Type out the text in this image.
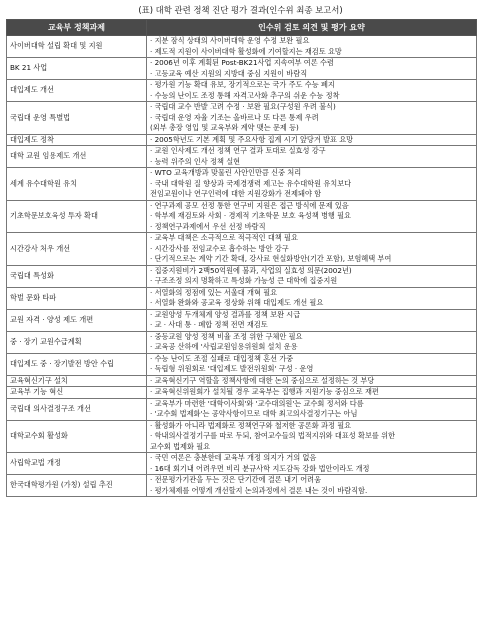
(표) 대학 관련 정책 진단 평가 결과(인수위 최종 보고서)
교육부 정책과제	인수위 검토 의견 및 평가 요약
사이버대학 설립 확대 및 지원	· 지분 잠식 상태의 사이버대학 운영 수정 보완 필요
· 제도적 지원이 사이버대학 활성화에 기여할지는 재검토 요망

BK 21 사업	· 2006년 이후 계획된 Post-BK21사업 지속여부 여론 수렴
· 고등교육 예산 지원의 지방대 중심 지원이 바람직

대입제도 개선	· 평가원 기능 확대 유보, 장기적으로는 국가 주도 수능 폐지
· 수능의 난이도 조정 통해 자격고사화 추구의 쉬운 수능 정착

국립대 운영 특별법	· 국립대 교수 반발 고려 수정 · 보완 필요(구성원 우려 불식)
· 국립대 운영 자율 기조는 올바르나 또 다른 통제 우려
(외부 총장 영입 및 교육부와 계약 맺는 문제 등)

대입제도 정착	· 2005학년도 기본 계획 및 주요사항 집계 시기 앞당겨 발표 요망

대학 교원 임용제도 개선	· 교원 인사제도 개선 정책 연구 결과 토대로 실효성 강구
· 능력 위주의 인사 정책 실현

세계 유수대학원 유치	· WTO 교육개방과 맞물린 사안인만큼 신중 처리
· 국내 대학원 질 향상과 국제경쟁력 제고는 유수대학원 유치보다
전임교원이나 연구인력에 대한 지원강화가 전제돼야 함

기초학문보호육성 투자 확대	· 연구과제 공모 선정 통한 연구비 지원은 접근 방식에 문제 있음
· 학부제 재검토와 사회 · 경제적 기초학문 보호 육성책 병행 필요
· 정책연구과제에서 우선 선정 바람직

시간강사 처우 개선	· 교육부 대책은 소극적으로 적극적인 대책 필요
· 시간강사를 전임교수로 흡수하는 방안 강구
· 단기적으로는 계약 기간 확대, 강사료 현실화방안(기간 포함), 보험혜택 부여

국립대 특성화	· 집중지원비가 2백50억원에 불과, 사업의 실효성 의문(2002년)
· 구조조정 의지 명확하고 특성화 가능성 큰 대학에 집중지원

학벌 문화 타파	· 서열화의 정점에 있는 서울대 개혁 필요
· 서열화 완화와 공교육 정상화 위해 대입제도 개선 필요

교원 자격 · 양성 제도 개편	· 교원양성 두개체계 양성 결과를 정책 보완 시급
· 교 · 사대 통 · 폐합 정책 전면 재검토

중 · 장기 교원수급계획	· 중등교원 양성 정책 비율 조정 위한 구체안 필요
· 교육공 산하에 '사립교원임용위원회 설치 운용

대입제도 중 · 장기발전 방안 수립	· 수능 난이도 조절 실패로 대입정책 혼선 가중
· 독립형 위원회로 '대입제도 발전위원회' 구성 · 운영

교육혁신기구 설치	· 교육혁신기구 역할을 정책사항에 대한 논의 중심으로 설정하는 것 부당

교육부 기능 혁신	· 교육혁신위원회가 설치될 경우 교육부는 집행과 지원기능 중심으로 재편

국립대 의사결정구조 개선	· 교육부가 마련한 '대학이사회'와 '교수대의원'는 교수회 정서와 다름
· '교수회 법제화'는 공약사항이므로 대학 최고의사결정기구는 아님

대학교수회 활성화	· 활성화가 아니라 법제화로 정책연구와 철저한 공론화 과정 필요
· 학내의사결정기구를 따로 두되, 참여교수들의 법적지위와 대표성 확보를 위한
교수회 법제화 필요

사립학교법 개정	· 국민 여론은 충분한데 교육부 개정 의지가 거의 없음
· 16대 회기내 어려우면 비리 분규사학 지도감독 강화 법안이라도 개정

한국대학평가원 (가칭) 설립 추진	· 전문평가기관을 두는 것은 단기간에 결론 내기 어려움
· 평가체제를 어떻게 개선할지 논의과정에서 결론 내는 것이 바람직함.
